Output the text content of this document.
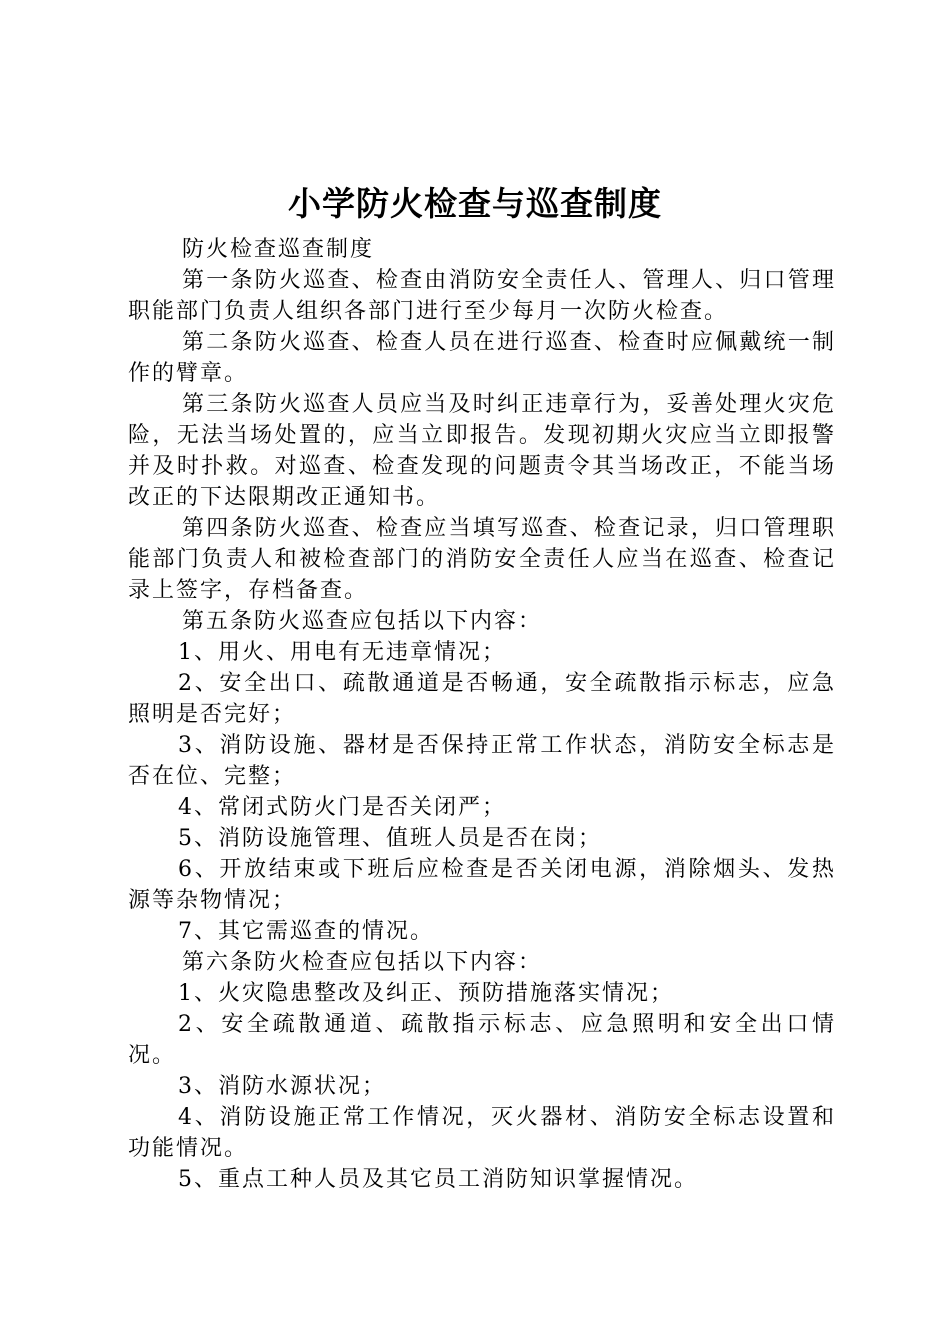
小学防火检查与巡查制度

防火检查巡查制度

第一条防火巡查、检查由消防安全责任人、管理人、归口管理职能部门负责人组织各部门进行至少每月一次防火检查。

第二条防火巡查、检查人员在进行巡查、检查时应佩戴统一制作的臂章。

第三条防火巡查人员应当及时纠正违章行为，妥善处理火灾危险，无法当场处置的，应当立即报告。发现初期火灾应当立即报警并及时扑救。对巡查、检查发现的问题责令其当场改正，不能当场改正的下达限期改正通知书。

第四条防火巡查、检查应当填写巡查、检查记录，归口管理职能部门负责人和被检查部门的消防安全责任人应当在巡查、检查记录上签字，存档备查。

第五条防火巡查应包括以下内容：

1、用火、用电有无违章情况；

2、安全出口、疏散通道是否畅通，安全疏散指示标志，应急照明是否完好；

3、消防设施、器材是否保持正常工作状态，消防安全标志是否在位、完整；

4、常闭式防火门是否关闭严；

5、消防设施管理、值班人员是否在岗；

6、开放结束或下班后应检查是否关闭电源，消除烟头、发热源等杂物情况；

7、其它需巡查的情况。

第六条防火检查应包括以下内容：

1、火灾隐患整改及纠正、预防措施落实情况；

2、安全疏散通道、疏散指示标志、应急照明和安全出口情况。

3、消防水源状况；

4、消防设施正常工作情况，灭火器材、消防安全标志设置和功能情况。

5、重点工种人员及其它员工消防知识掌握情况。
